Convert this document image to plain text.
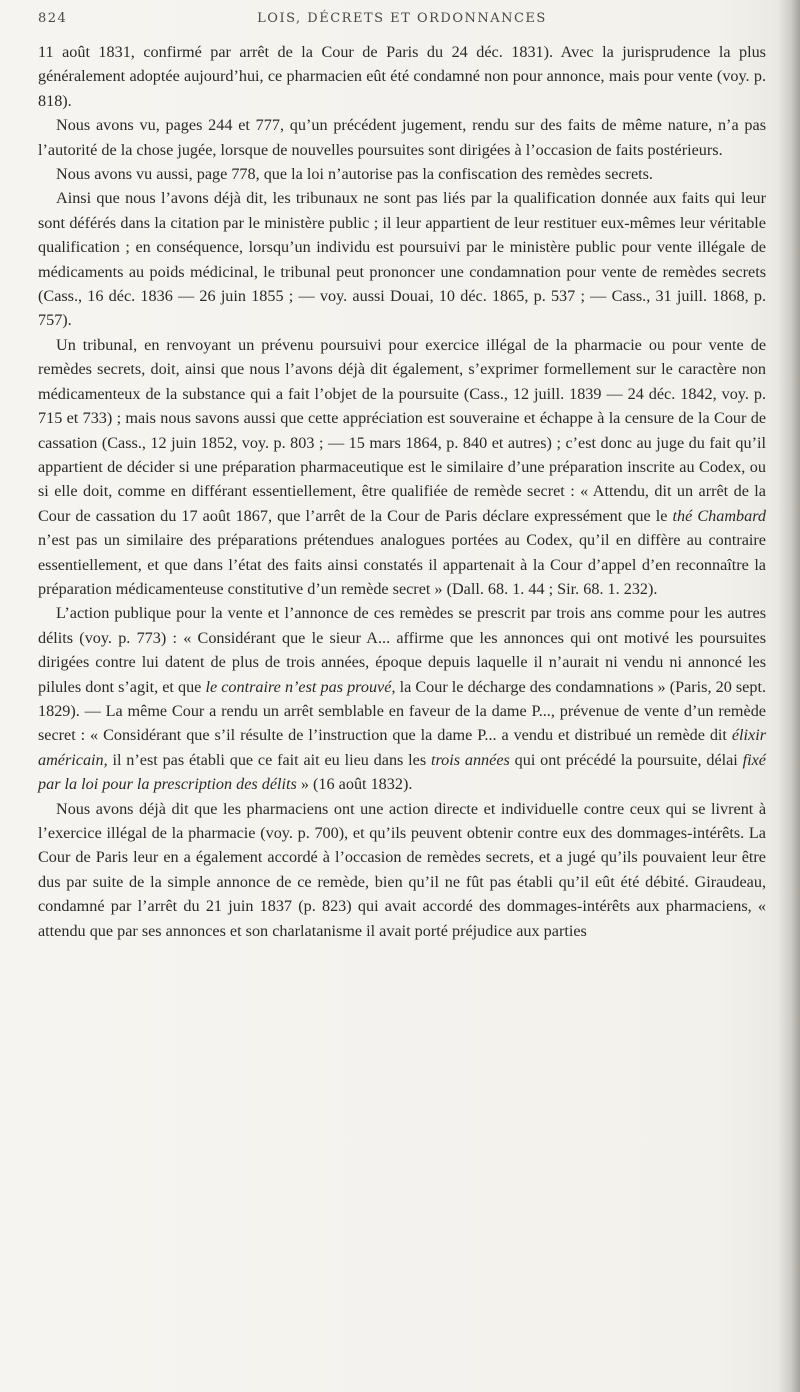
824	LOIS, DÉCRETS ET ORDONNANCES

11 août 1831, confirmé par arrêt de la Cour de Paris du 24 déc. 1831). Avec la jurisprudence la plus généralement adoptée aujourd’hui, ce pharmacien eût été condamné non pour annonce, mais pour vente (voy. p. 818).

Nous avons vu, pages 244 et 777, qu’un précédent jugement, rendu sur des faits de même nature, n’a pas l’autorité de la chose jugée, lorsque de nouvelles poursuites sont dirigées à l’occasion de faits postérieurs.

Nous avons vu aussi, page 778, que la loi n’autorise pas la confiscation des remèdes secrets.

Ainsi que nous l’avons déjà dit, les tribunaux ne sont pas liés par la qualification donnée aux faits qui leur sont déférés dans la citation par le ministère public ; il leur appartient de leur restituer eux-mêmes leur véritable qualification ; en conséquence, lorsqu’un individu est poursuivi par le ministère public pour vente illégale de médicaments au poids médicinal, le tribunal peut prononcer une condamnation pour vente de remèdes secrets (Cass., 16 déc. 1836 — 26 juin 1855 ; — voy. aussi Douai, 10 déc. 1865, p. 537 ; — Cass., 31 juill. 1868, p. 757).

Un tribunal, en renvoyant un prévenu poursuivi pour exercice illégal de la pharmacie ou pour vente de remèdes secrets, doit, ainsi que nous l’avons déjà dit également, s’exprimer formellement sur le caractère non médicamenteux de la substance qui a fait l’objet de la poursuite (Cass., 12 juill. 1839 — 24 déc. 1842, voy. p. 715 et 733) ; mais nous savons aussi que cette appréciation est souveraine et échappe à la censure de la Cour de cassation (Cass., 12 juin 1852, voy. p. 803 ; — 15 mars 1864, p. 840 et autres) ; c’est donc au juge du fait qu’il appartient de décider si une préparation pharmaceutique est le similaire d’une préparation inscrite au Codex, ou si elle doit, comme en différant essentiellement, être qualifiée de remède secret : « Attendu, dit un arrêt de la Cour de cassation du 17 août 1867, que l’arrêt de la Cour de Paris déclare expressément que le thé Chambard n’est pas un similaire des préparations prétendues analogues portées au Codex, qu’il en diffère au contraire essentiellement, et que dans l’état des faits ainsi constatés il appartenait à la Cour d’appel d’en reconnaître la préparation médicamenteuse constitutive d’un remède secret » (Dall. 68. 1. 44 ; Sir. 68. 1. 232).

L’action publique pour la vente et l’annonce de ces remèdes se prescrit par trois ans comme pour les autres délits (voy. p. 773) : « Considérant que le sieur A... affirme que les annonces qui ont motivé les poursuites dirigées contre lui datent de plus de trois années, époque depuis laquelle il n’aurait ni vendu ni annoncé les pilules dont s’agit, et que le contraire n’est pas prouvé, la Cour le décharge des condamnations » (Paris, 20 sept. 1829). — La même Cour a rendu un arrêt semblable en faveur de la dame P..., prévenue de vente d’un remède secret : « Considérant que s’il résulte de l’instruction que la dame P... a vendu et distribué un remède dit élixir américain, il n’est pas établi que ce fait ait eu lieu dans les trois années qui ont précédé la poursuite, délai fixé par la loi pour la prescription des délits » (16 août 1832).

Nous avons déjà dit que les pharmaciens ont une action directe et individuelle contre ceux qui se livrent à l’exercice illégal de la pharmacie (voy. p. 700), et qu’ils peuvent obtenir contre eux des dommages-intérêts. La Cour de Paris leur en a également accordé à l’occasion de remèdes secrets, et a jugé qu’ils pouvaient leur être dus par suite de la simple annonce de ce remède, bien qu’il ne fût pas établi qu’il eût été débité. Giraudeau, condamné par l’arrêt du 21 juin 1837 (p. 823) qui avait accordé des dommages-intérêts aux pharmaciens, « attendu que par ses annonces et son charlatanisme il avait porté préjudice aux parties
